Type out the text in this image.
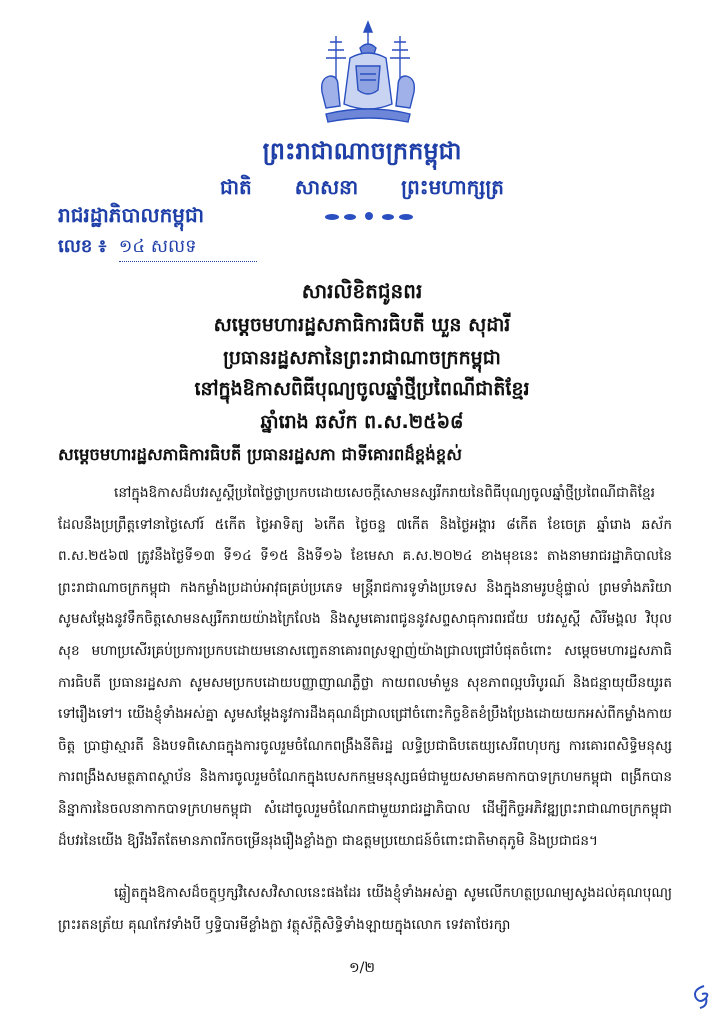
ព្រះរាជាណាចក្រកម្ពុជា
ជាតិ សាសនា ព្រះមហាក្សត្រ
រាជរដ្ឋាភិបាលកម្ពុជា
លេខ ៖ ១៤ សលទ
សារលិខិតជូនពរ
សម្តេចមហារដ្ឋសភាធិការធិបតី ឃួន សុដារី
ប្រធានរដ្ឋសភានៃព្រះរាជាណាចក្រកម្ពុជា
នៅក្នុងឱកាសពិធីបុណ្យចូលឆ្នាំថ្មីប្រពៃណីជាតិខ្មែរ
ឆ្នាំរោង ឆស័ក ព.ស.២៥៦៨
សម្តេចមហារដ្ឋសភាធិការធិបតី ប្រធានរដ្ឋសភា ជាទីគោរពដ៏ខ្ពង់ខ្ពស់

នៅក្នុងឱកាសដ៏បវរសួស្តីប្រពៃថ្លៃថ្លាប្រកបដោយសេចក្តីសោមនស្សរីករាយនៃពិធីបុណ្យចូលឆ្នាំថ្មីប្រពៃណីជាតិខ្មែរ ដែលនឹងប្រព្រឹត្តទៅនាថ្ងៃសៅរ៍ ៥កើត ថ្ងៃអាទិត្យ ៦កើត ថ្ងៃចន្ទ ៧កើត និងថ្ងៃអង្គារ ៨កើត ខែចេត្រ ឆ្នាំរោង ឆស័ក ព.ស.២៥៦៧ ត្រូវនឹងថ្ងៃទី១៣ ទី១៤ ទី១៥ និងទី១៦ ខែមេសា គ.ស.២០២៤ ខាងមុខនេះ តាងនាមរាជរដ្ឋាភិបាលនៃព្រះរាជាណាចក្រកម្ពុជា កងកម្លាំងប្រដាប់អាវុធគ្រប់ប្រភេទ មន្ត្រីរាជការទូទាំងប្រទេស និងក្នុងនាមរូបខ្ញុំផ្ទាល់ ព្រមទាំងភរិយា សូមសម្តែងនូវទឹកចិត្តសោមនស្សរីករាយយ៉ាងក្រៃលែង និងសូមគោរពជូននូវសព្ទសាធុការពរជ័យ បវរសួស្តី សិរីមង្គល វិបុលសុខ មហាប្រសើរគ្រប់ប្រការប្រកបដោយមនោសញ្ចេតនាគោរពស្រឡាញ់យ៉ាងជ្រាលជ្រៅបំផុតចំពោះ សម្តេចមហារដ្ឋសភាធិការធិបតី ប្រធានរដ្ឋសភា សូមសមប្រកបដោយបញ្ញាញាណភ្លឺថ្លា កាយពលមាំមួន សុខភាពល្អបរិបូរណ៍ និងជន្មាយុយឺនយូរតទៅរឿងទៅ។ យើងខ្ញុំទាំងអស់គ្នា សូមសម្តែងនូវការដឹងគុណដ៏ជ្រាលជ្រៅចំពោះកិច្ចខិតខំប្រឹងប្រែងដោយយកអស់ពីកម្លាំងកាយចិត្ត ប្រាជ្ញាស្មារតី និងបទពិសោធក្នុងការចូលរួមចំណែកពង្រឹងនីតិរដ្ឋ លទ្ធិប្រជាធិបតេយ្យសេរីពហុបក្ស ការគោរពសិទ្ធិមនុស្ស ការពង្រឹងសមត្ថភាពស្ថាប័ន និងការចូលរួមចំណែកក្នុងបេសកកម្មមនុស្សធម៌ជាមួយសមាគមកាកបាទក្រហមកម្ពុជា ពង្រីកបាននិន្នាការនៃចលនាកាកបាទក្រហមកម្ពុជា សំដៅចូលរួមចំណែកជាមួយរាជរដ្ឋាភិបាល ដើម្បីកិច្ចអភិវឌ្ឍព្រះរាជាណាចក្រកម្ពុជាដ៏បវរនៃយើង ឱ្យរឹងរឹតតែមានភាពរីកចម្រើនរុងរឿងខ្លាំងក្លា ជាឧត្តមប្រយោជន៍ចំពោះជាតិមាតុភូមិ និងប្រជាជន។

ឆ្លៀតក្នុងឱកាសដ៏ចក្ខុឫក្សវិសេសវិសាលនេះផងដែរ យើងខ្ញុំទាំងអស់គ្នា សូមលើកហត្ថប្រណម្យសូងដល់គុណបុណ្យព្រះរតនត្រ័យ គុណកែវទាំងបី ឫទ្ធិបារមីខ្លាំងក្លា វត្ថុស័ក្តិសិទ្ធិទាំងឡាយក្នុងលោក ទេវតាថែរក្សា

១/២
